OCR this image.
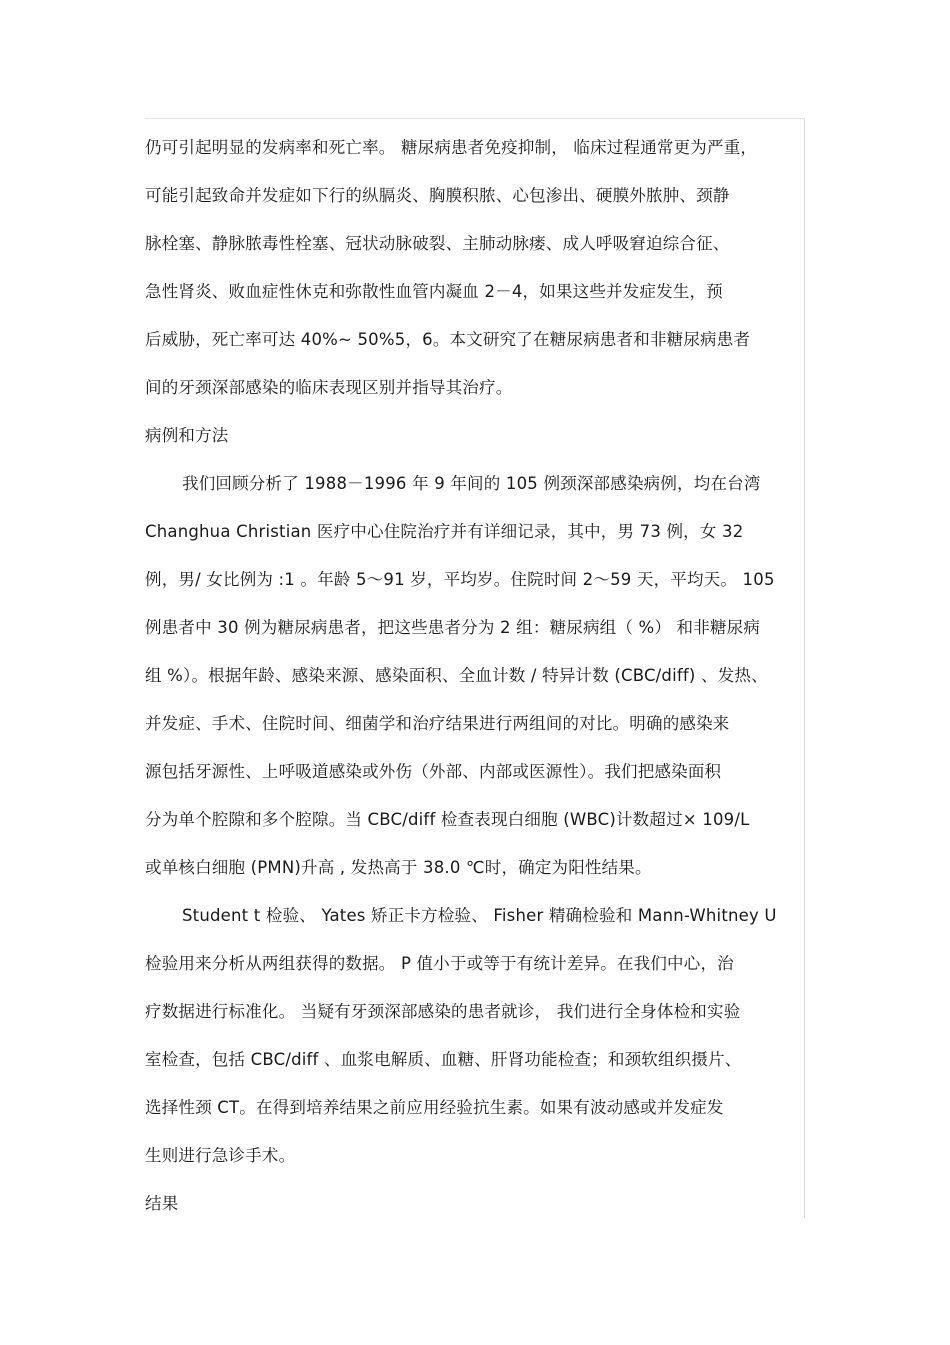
仍可引起明显的发病率和死亡率。 糖尿病患者免疫抑制， 临床过程通常更为严重，
可能引起致命并发症如下行的纵膈炎、胸膜积脓、心包渗出、硬膜外脓肿、颈静
脉栓塞、静脉脓毒性栓塞、冠状动脉破裂、主肺动脉瘘、成人呼吸窘迫综合征、
急性肾炎、败血症性休克和弥散性血管内凝血 2－4，如果这些并发症发生，预
后威胁，死亡率可达 40%~ 50%5，6。本文研究了在糖尿病患者和非糖尿病患者
间的牙颈深部感染的临床表现区别并指导其治疗。
病例和方法
我们回顾分析了 1988－1996 年 9 年间的 105 例颈深部感染病例，均在台湾
Changhua Christian 医疗中心住院治疗并有详细记录，其中，男 73 例，女 32
例，男/ 女比例为 :1 。年龄 5～91 岁，平均岁。住院时间 2～59 天，平均天。 105
例患者中 30 例为糖尿病患者，把这些患者分为 2 组：糖尿病组（ %） 和非糖尿病
组 %）。根据年龄、感染来源、感染面积、全血计数 / 特异计数 (CBC/diff) 、发热、
并发症、手术、住院时间、细菌学和治疗结果进行两组间的对比。明确的感染来
源包括牙源性、上呼吸道感染或外伤（外部、内部或医源性）。我们把感染面积
分为单个腔隙和多个腔隙。当 CBC/diff 检查表现白细胞 (WBC)计数超过× 109/L
或单核白细胞 (PMN)升高 , 发热高于 38.0 ℃时，确定为阳性结果。
Student t 检验、 Yates 矫正卡方检验、 Fisher 精确检验和 Mann-Whitney U
检验用来分析从两组获得的数据。 P 值小于或等于有统计差异。在我们中心，治
疗数据进行标准化。 当疑有牙颈深部感染的患者就诊， 我们进行全身体检和实验
室检查，包括 CBC/diff 、血浆电解质、血糖、肝肾功能检查；和颈软组织摄片、
选择性颈 CT。在得到培养结果之前应用经验抗生素。如果有波动感或并发症发
生则进行急诊手术。
结果
